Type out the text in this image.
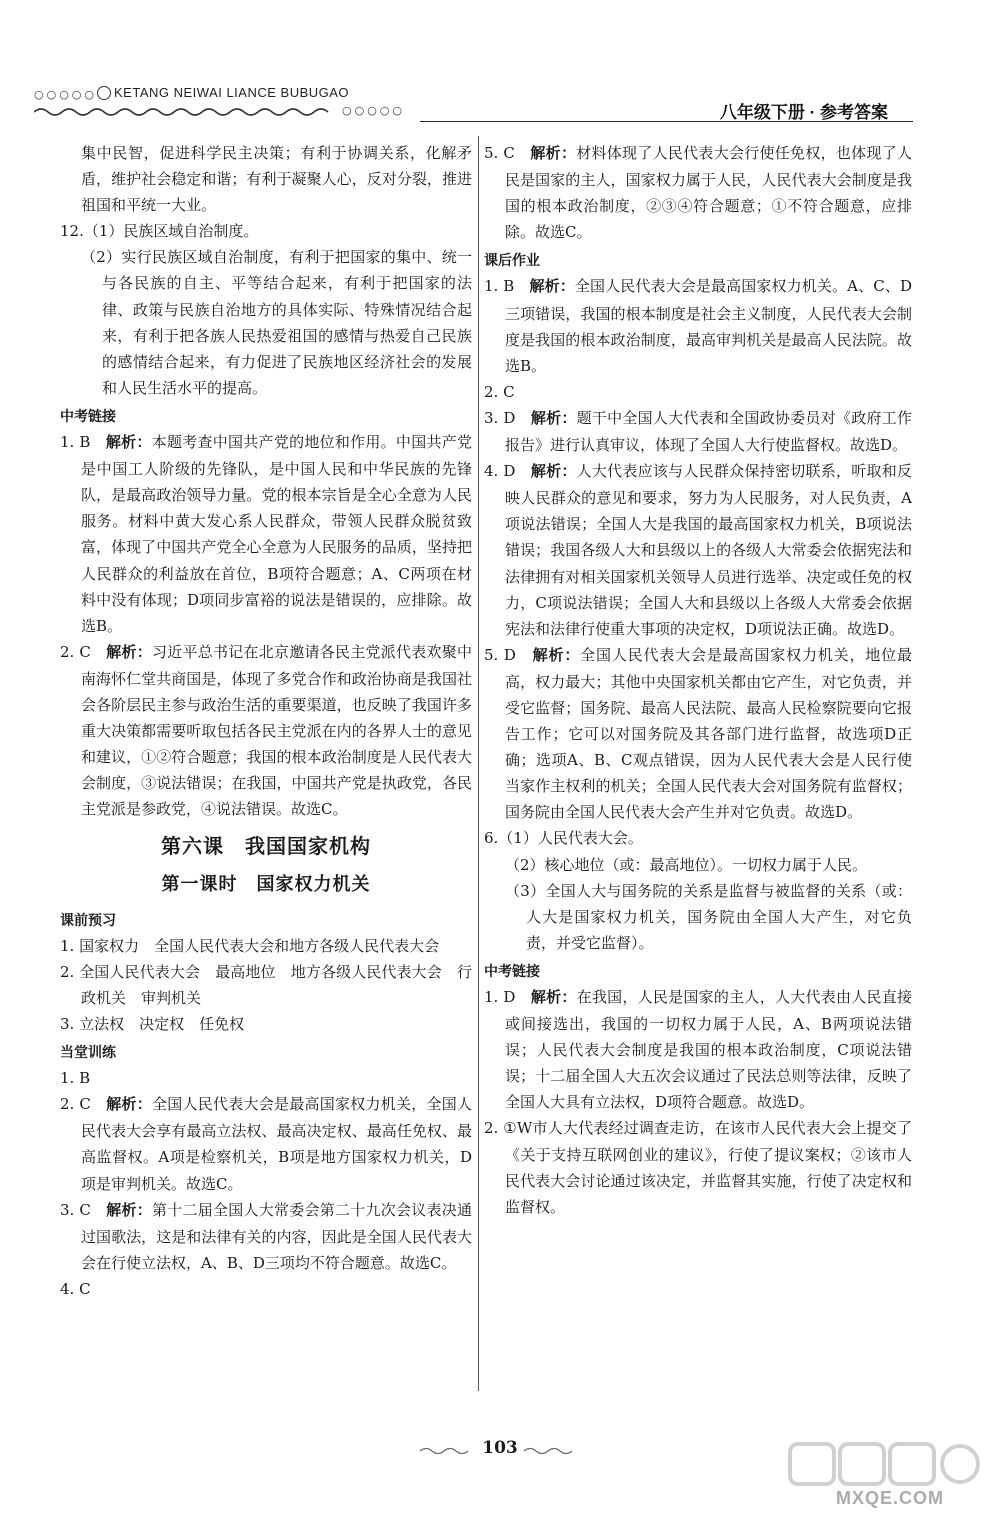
○○○○○ KETANG NEIWAI LIANCE BUBUGAO
○○○○○	八年级下册 · 参考答案

集中民智，促进科学民主决策；有利于协调关系，化解矛盾，维护社会稳定和谐；有利于凝聚人心，反对分裂，推进祖国和平统一大业。

12.（1）民族区域自治制度。

（2）实行民族区域自治制度，有利于把国家的集中、统一与各民族的自主、平等结合起来，有利于把国家的法律、政策与民族自治地方的具体实际、特殊情况结合起来，有利于把各族人民热爱祖国的感情与热爱自己民族的感情结合起来，有力促进了民族地区经济社会的发展和人民生活水平的提高。

中考链接

1. B　解析：本题考查中国共产党的地位和作用。中国共产党是中国工人阶级的先锋队，是中国人民和中华民族的先锋队，是最高政治领导力量。党的根本宗旨是全心全意为人民服务。材料中黄大发心系人民群众，带领人民群众脱贫致富，体现了中国共产党全心全意为人民服务的品质，坚持把人民群众的利益放在首位，B项符合题意；A、C两项在材料中没有体现；D项同步富裕的说法是错误的，应排除。故选B。

2. C　解析：习近平总书记在北京邀请各民主党派代表欢聚中南海怀仁堂共商国是，体现了多党合作和政治协商是我国社会各阶层民主参与政治生活的重要渠道，也反映了我国许多重大决策都需要听取包括各民主党派在内的各界人士的意见和建议，①②符合题意；我国的根本政治制度是人民代表大会制度，③说法错误；在我国，中国共产党是执政党，各民主党派是参政党，④说法错误。故选C。

第六课　我国国家机构
第一课时　国家权力机关

课前预习

1. 国家权力　全国人民代表大会和地方各级人民代表大会

2. 全国人民代表大会　最高地位　地方各级人民代表大会　行政机关　审判机关

3. 立法权　决定权　任免权

当堂训练

1. B

2. C　解析：全国人民代表大会是最高国家权力机关，全国人民代表大会享有最高立法权、最高决定权、最高任免权、最高监督权。A项是检察机关，B项是地方国家权力机关，D项是审判机关。故选C。

3. C　解析：第十二届全国人大常委会第二十九次会议表决通过国歌法，这是和法律有关的内容，因此是全国人民代表大会在行使立法权，A、B、D三项均不符合题意。故选C。

4. C

5. C　解析：材料体现了人民代表大会行使任免权，也体现了人民是国家的主人，国家权力属于人民，人民代表大会制度是我国的根本政治制度，②③④符合题意；①不符合题意，应排除。故选C。

课后作业

1. B　解析：全国人民代表大会是最高国家权力机关。A、C、D三项错误，我国的根本制度是社会主义制度，人民代表大会制度是我国的根本政治制度，最高审判机关是最高人民法院。故选B。

2. C

3. D　解析：题干中全国人大代表和全国政协委员对《政府工作报告》进行认真审议，体现了全国人大行使监督权。故选D。

4. D　解析：人大代表应该与人民群众保持密切联系，听取和反映人民群众的意见和要求，努力为人民服务，对人民负责，A项说法错误；全国人大是我国的最高国家权力机关，B项说法错误；我国各级人大和县级以上的各级人大常委会依据宪法和法律拥有对相关国家机关领导人员进行选举、决定或任免的权力，C项说法错误；全国人大和县级以上各级人大常委会依据宪法和法律行使重大事项的决定权，D项说法正确。故选D。

5. D　解析：全国人民代表大会是最高国家权力机关，地位最高，权力最大；其他中央国家机关都由它产生，对它负责，并受它监督；国务院、最高人民法院、最高人民检察院要向它报告工作；它可以对国务院及其各部门进行监督，故选项D正确；选项A、B、C观点错误，因为人民代表大会是人民行使当家作主权利的机关；全国人民代表大会对国务院有监督权；国务院由全国人民代表大会产生并对它负责。故选D。

6.（1）人民代表大会。

（2）核心地位（或：最高地位）。一切权力属于人民。

（3）全国人大与国务院的关系是监督与被监督的关系（或：人大是国家权力机关，国务院由全国人大产生，对它负责，并受它监督）。

中考链接

1. D　解析：在我国，人民是国家的主人，人大代表由人民直接或间接选出，我国的一切权力属于人民，A、B两项说法错误；人民代表大会制度是我国的根本政治制度，C项说法错误；十二届全国人大五次会议通过了民法总则等法律，反映了全国人大具有立法权，D项符合题意。故选D。

2. ①W市人大代表经过调查走访，在该市人民代表大会上提交了《关于支持互联网创业的建议》，行使了提议案权；②该市人民代表大会讨论通过该决定，并监督其实施，行使了决定权和监督权。

103
MXQE.COM
